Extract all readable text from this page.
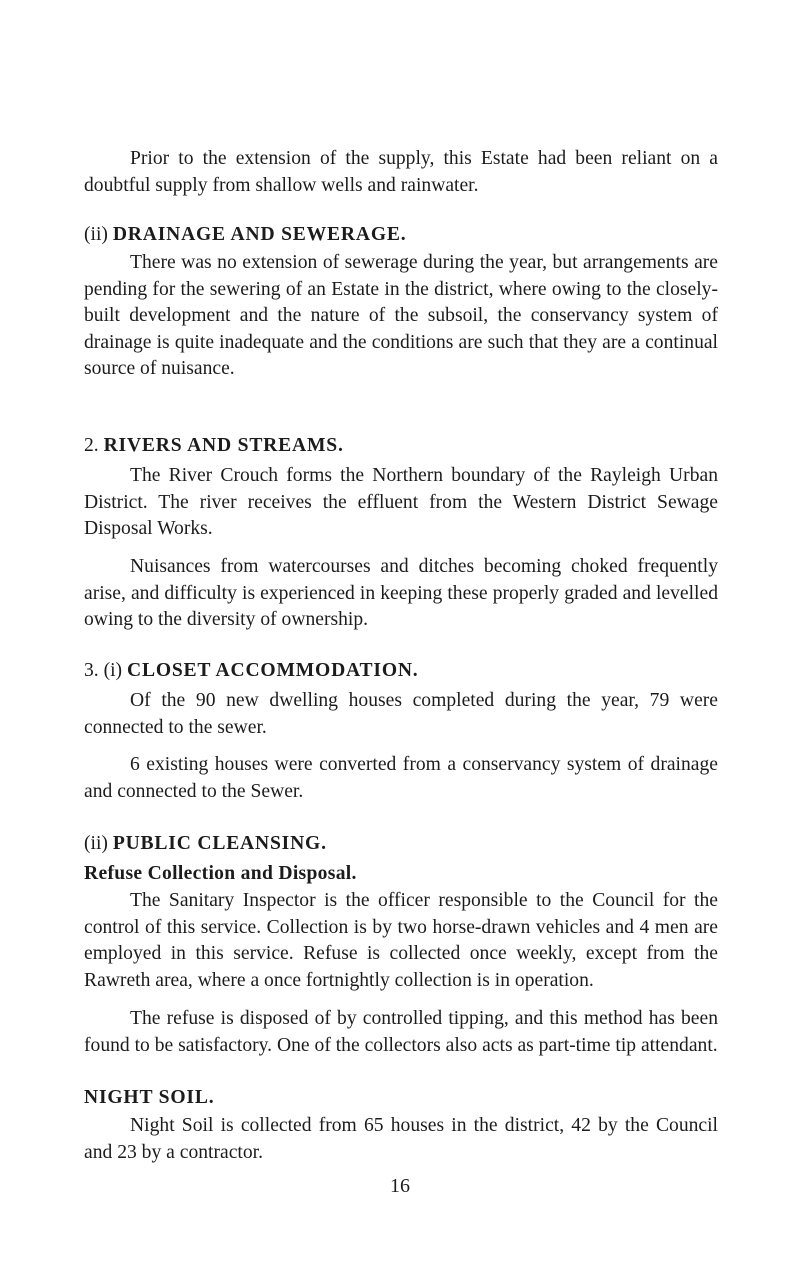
Prior to the extension of the supply, this Estate had been reliant on a doubtful supply from shallow wells and rainwater.

(ii) DRAINAGE AND SEWERAGE.

There was no extension of sewerage during the year, but arrangements are pending for the sewering of an Estate in the district, where owing to the closely-built development and the nature of the subsoil, the conservancy system of drainage is quite inadequate and the conditions are such that they are a continual source of nuisance.

2. RIVERS AND STREAMS.

The River Crouch forms the Northern boundary of the Rayleigh Urban District. The river receives the effluent from the Western District Sewage Disposal Works.

Nuisances from watercourses and ditches becoming choked frequently arise, and difficulty is experienced in keeping these properly graded and levelled owing to the diversity of ownership.

3. (i) CLOSET ACCOMMODATION.

Of the 90 new dwelling houses completed during the year, 79 were connected to the sewer.

6 existing houses were converted from a conservancy system of drainage and connected to the Sewer.

(ii) PUBLIC CLEANSING.
Refuse Collection and Disposal.

The Sanitary Inspector is the officer responsible to the Council for the control of this service. Collection is by two horse-drawn vehicles and 4 men are employed in this service. Refuse is collected once weekly, except from the Rawreth area, where a once fortnightly collection is in operation.

The refuse is disposed of by controlled tipping, and this method has been found to be satisfactory. One of the collectors also acts as part-time tip attendant.

NIGHT SOIL.

Night Soil is collected from 65 houses in the district, 42 by the Council and 23 by a contractor.

16
